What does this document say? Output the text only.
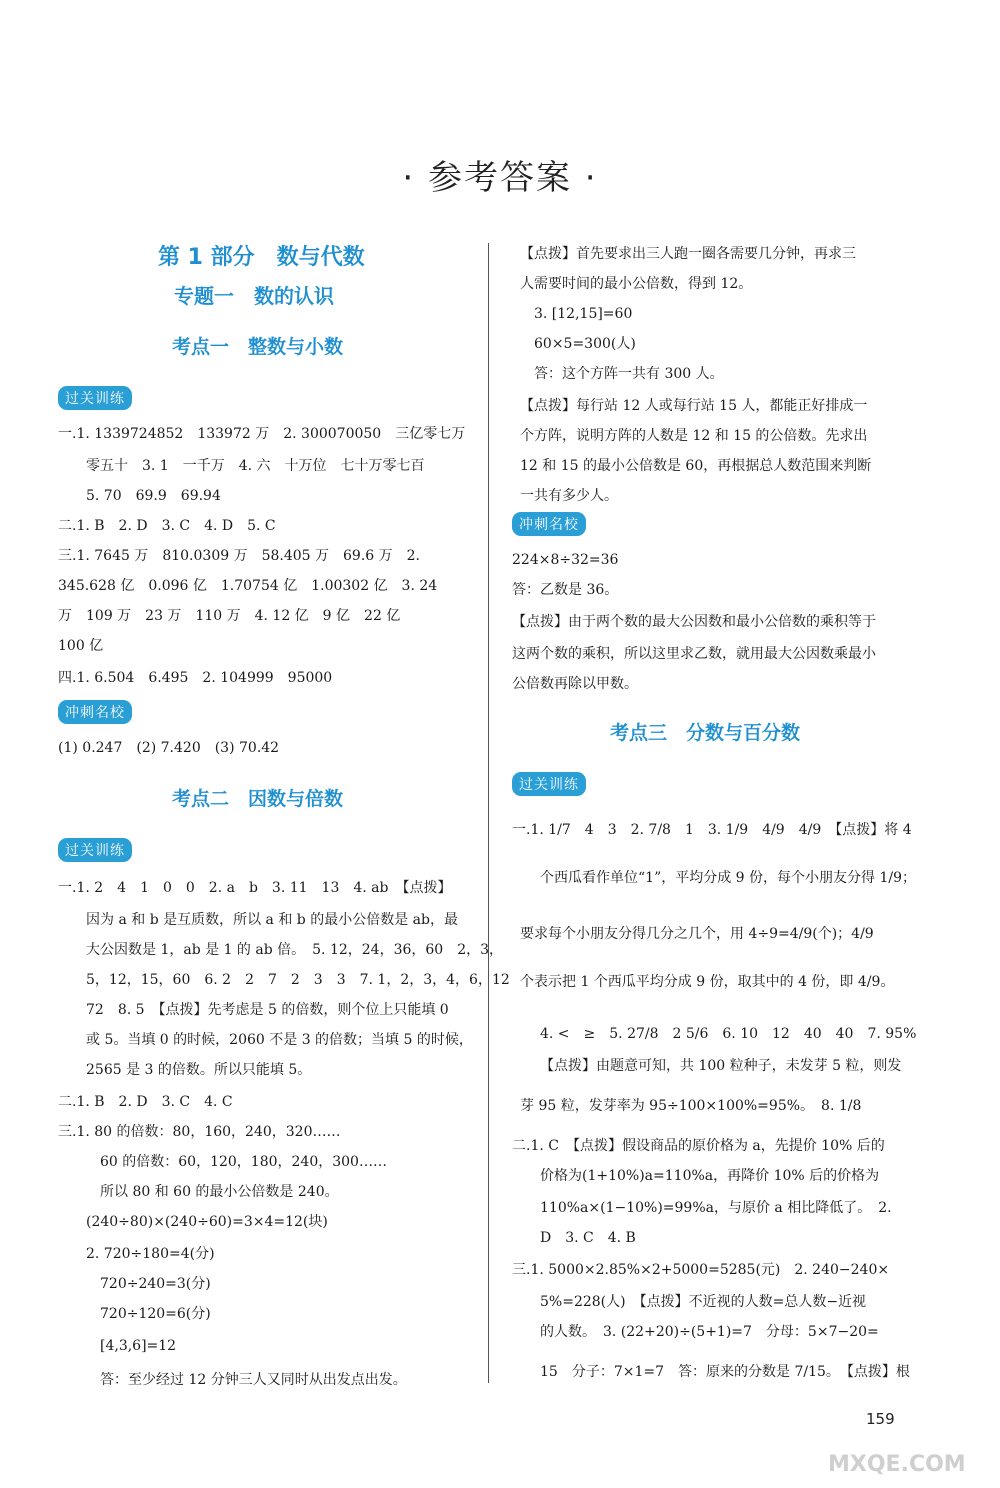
· 参考答案 ·
第 1 部分　数与代数
专题一　数的认识
考点一　整数与小数
过关训练
一.1. 1339724852　133972 万　2. 300070050　三亿零七万
零五十　3. 1　一千万　4. 六　十万位　七十万零七百
5. 70　69.9　69.94
二.1. B　2. D　3. C　4. D　5. C
三.1. 7645 万　810.0309 万　58.405 万　69.6 万　2.
345.628 亿　0.096 亿　1.70754 亿　1.00302 亿　3. 24
万　109 万　23 万　110 万　4. 12 亿　9 亿　22 亿
100 亿
四.1. 6.504　6.495　2. 104999　95000
冲刺名校
(1) 0.247　(2) 7.420　(3) 70.42
考点二　因数与倍数
过关训练
一.1. 2　4　1　0　0　2. a　b　3. 11　13　4. ab　【点拨】
因为 a 和 b 是互质数，所以 a 和 b 的最小公倍数是 ab，最
大公因数是 1，ab 是 1 的 ab 倍。　5. 12，24，36，60　2，3，
5，12，15，60　6. 2　2　7　2　3　3　7. 1，2，3，4，6，12
72　8. 5　【点拨】先考虑是 5 的倍数，则个位上只能填 0
或 5。当填 0 的时候，2060 不是 3 的倍数；当填 5 的时候，
2565 是 3 的倍数。所以只能填 5。
二.1. B　2. D　3. C　4. C
三.1. 80 的倍数：80，160，240，320……
60 的倍数：60，120，180，240，300……
所以 80 和 60 的最小公倍数是 240。
(240÷80)×(240÷60)=3×4=12(块)
2. 720÷180=4(分)
720÷240=3(分)
720÷120=6(分)
[4,3,6]=12
答：至少经过 12 分钟三人又同时从出发点出发。
【点拨】首先要求出三人跑一圈各需要几分钟，再求三
人需要时间的最小公倍数，得到 12。
3. [12,15]=60
60×5=300(人)
答：这个方阵一共有 300 人。
【点拨】每行站 12 人或每行站 15 人，都能正好排成一
个方阵，说明方阵的人数是 12 和 15 的公倍数。先求出
12 和 15 的最小公倍数是 60，再根据总人数范围来判断
一共有多少人。
冲刺名校
224×8÷32=36
答：乙数是 36。
【点拨】由于两个数的最大公因数和最小公倍数的乘积等于
这两个数的乘积，所以这里求乙数，就用最大公因数乘最小
公倍数再除以甲数。
考点三　分数与百分数
过关训练
一.1. 1/7　4　3　2. 7/8　1　3. 1/9　4/9　4/9　【点拨】将 4
个西瓜看作单位“1”，平均分成 9 份，每个小朋友分得 1/9；
要求每个小朋友分得几分之几个，用 4÷9=4/9(个)；4/9
个表示把 1 个西瓜平均分成 9 份，取其中的 4 份，即 4/9。
4. <　≥　5. 27/8　2 5/6　6. 10　12　40　40　7. 95%
【点拨】由题意可知，共 100 粒种子，未发芽 5 粒，则发
芽 95 粒，发芽率为 95÷100×100%=95%。　8. 1/8
二.1. C　【点拨】假设商品的原价格为 a，先提价 10% 后的
价格为(1+10%)a=110%a，再降价 10% 后的价格为
110%a×(1−10%)=99%a，与原价 a 相比降低了。　2.
D　3. C　4. B
三.1. 5000×2.85%×2+5000=5285(元)　2. 240−240×
5%=228(人)　【点拨】不近视的人数=总人数−近视
的人数。　3. (22+20)÷(5+1)=7　分母：5×7−20=
15　分子：7×1=7　答：原来的分数是 7/15。　【点拨】根
159
MXQE.COM
